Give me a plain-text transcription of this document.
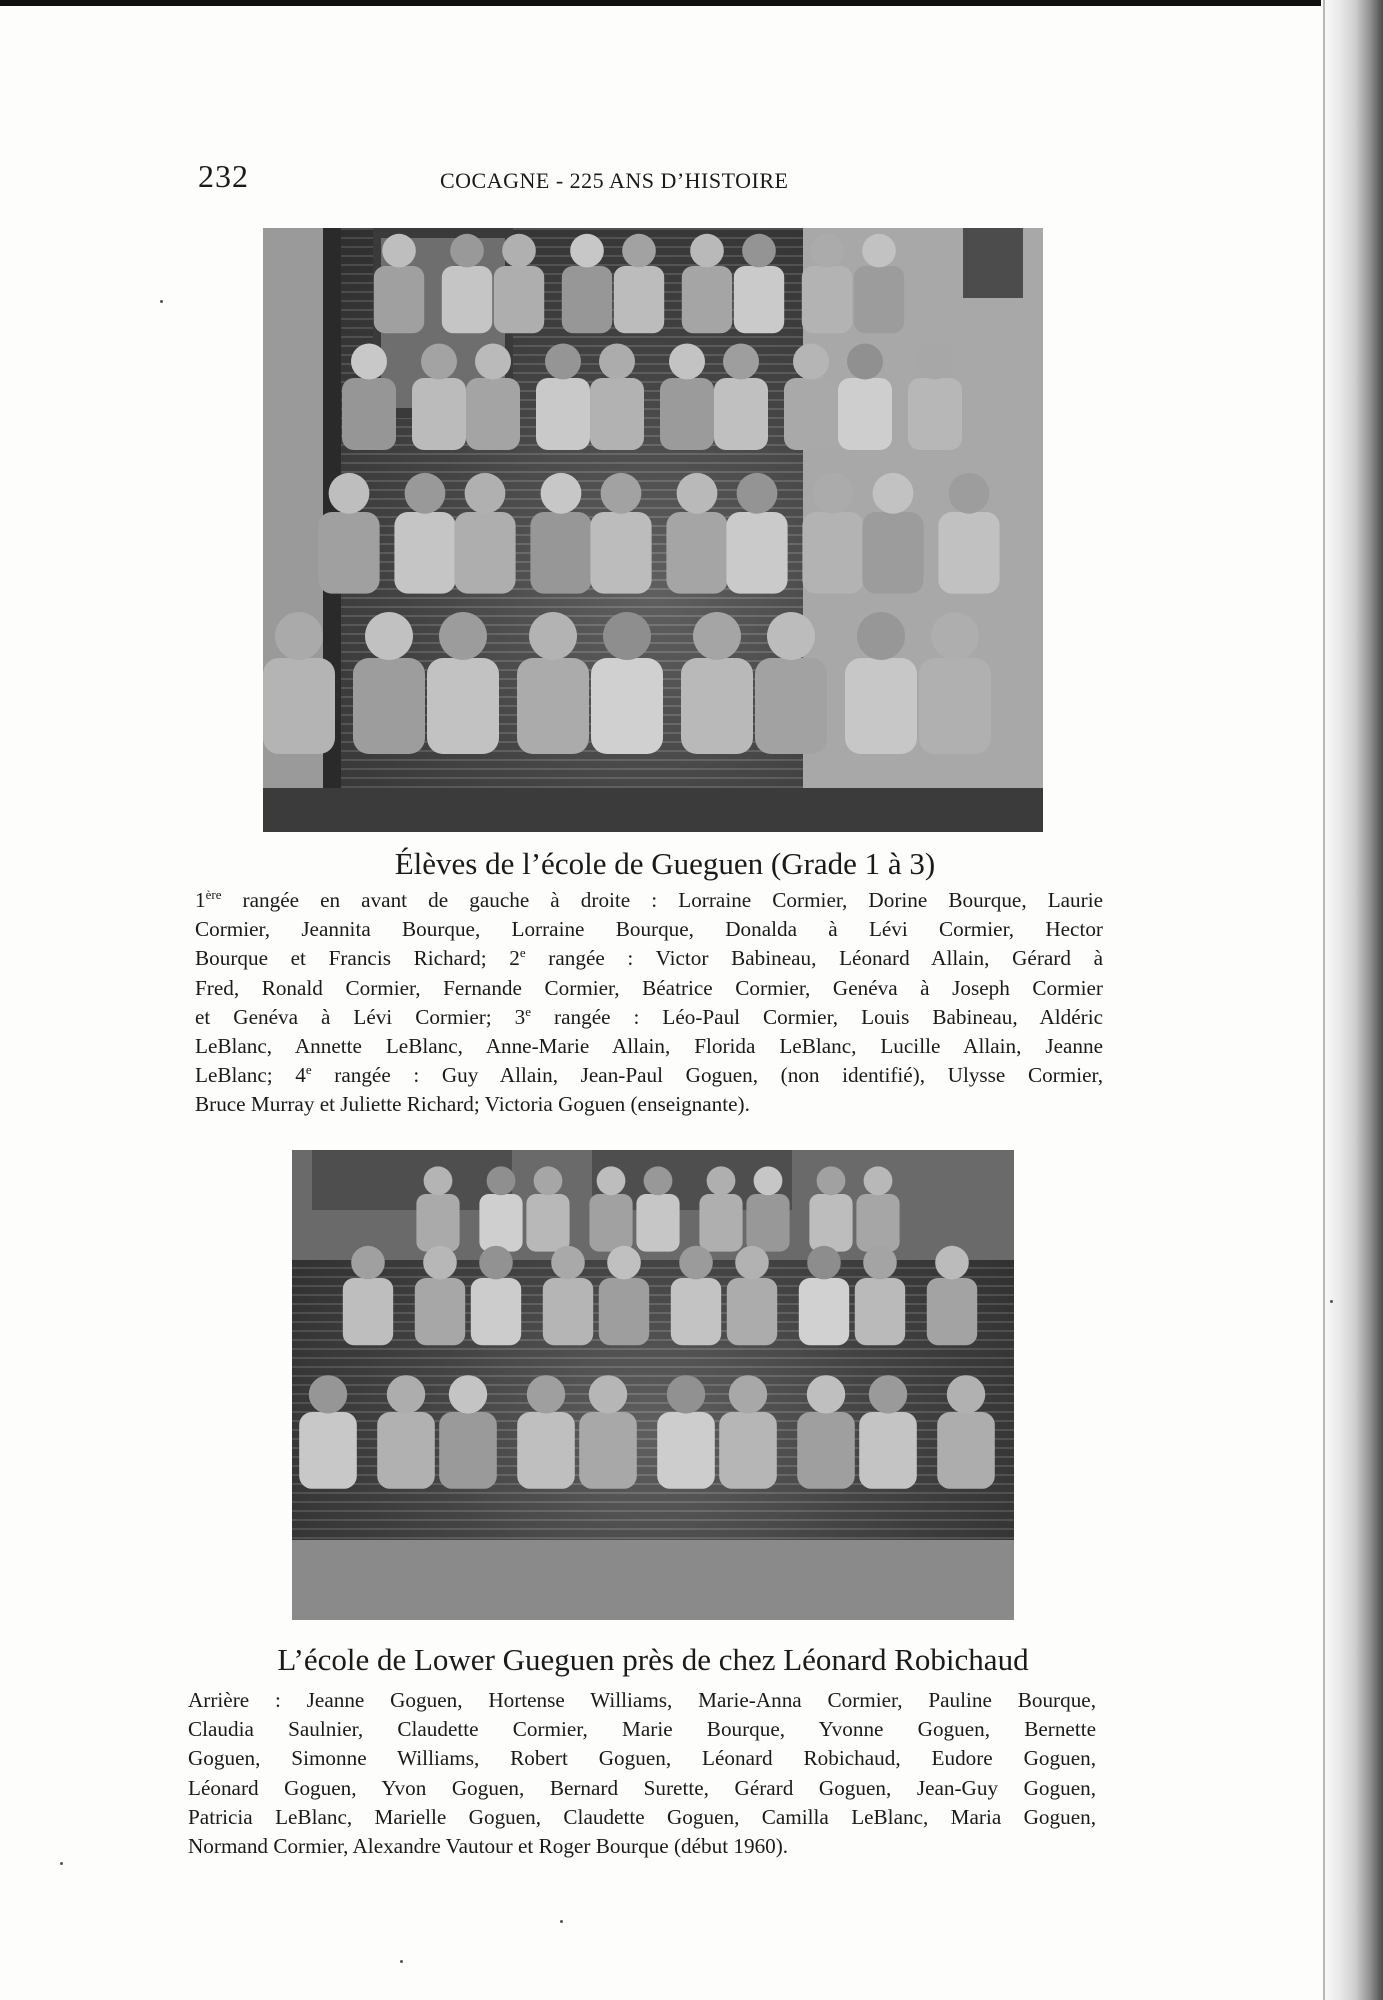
232	COCAGNE - 225 ANS D’HISTOIRE
Élèves de l’école de Gueguen (Grade 1 à 3)
1ère rangée en avant de gauche à droite : Lorraine Cormier, Dorine Bourque, Laurie
Cormier, Jeannita Bourque, Lorraine Bourque, Donalda à Lévi Cormier, Hector
Bourque et Francis Richard; 2e rangée : Victor Babineau, Léonard Allain, Gérard à
Fred, Ronald Cormier, Fernande Cormier, Béatrice Cormier, Genéva à Joseph Cormier
et Genéva à Lévi Cormier; 3e rangée : Léo-Paul Cormier, Louis Babineau, Aldéric
LeBlanc, Annette LeBlanc, Anne-Marie Allain, Florida LeBlanc, Lucille Allain, Jeanne
LeBlanc; 4e rangée : Guy Allain, Jean-Paul Goguen, (non identifié), Ulysse Cormier,
Bruce Murray et Juliette Richard; Victoria Goguen (enseignante).
L’école de Lower Gueguen près de chez Léonard Robichaud
Arrière : Jeanne Goguen, Hortense Williams, Marie-Anna Cormier, Pauline Bourque,
Claudia Saulnier, Claudette Cormier, Marie Bourque, Yvonne Goguen, Bernette
Goguen, Simonne Williams, Robert Goguen, Léonard Robichaud, Eudore Goguen,
Léonard Goguen, Yvon Goguen, Bernard Surette, Gérard Goguen, Jean-Guy Goguen,
Patricia LeBlanc, Marielle Goguen, Claudette Goguen, Camilla LeBlanc, Maria Goguen,
Normand Cormier, Alexandre Vautour et Roger Bourque (début 1960).
